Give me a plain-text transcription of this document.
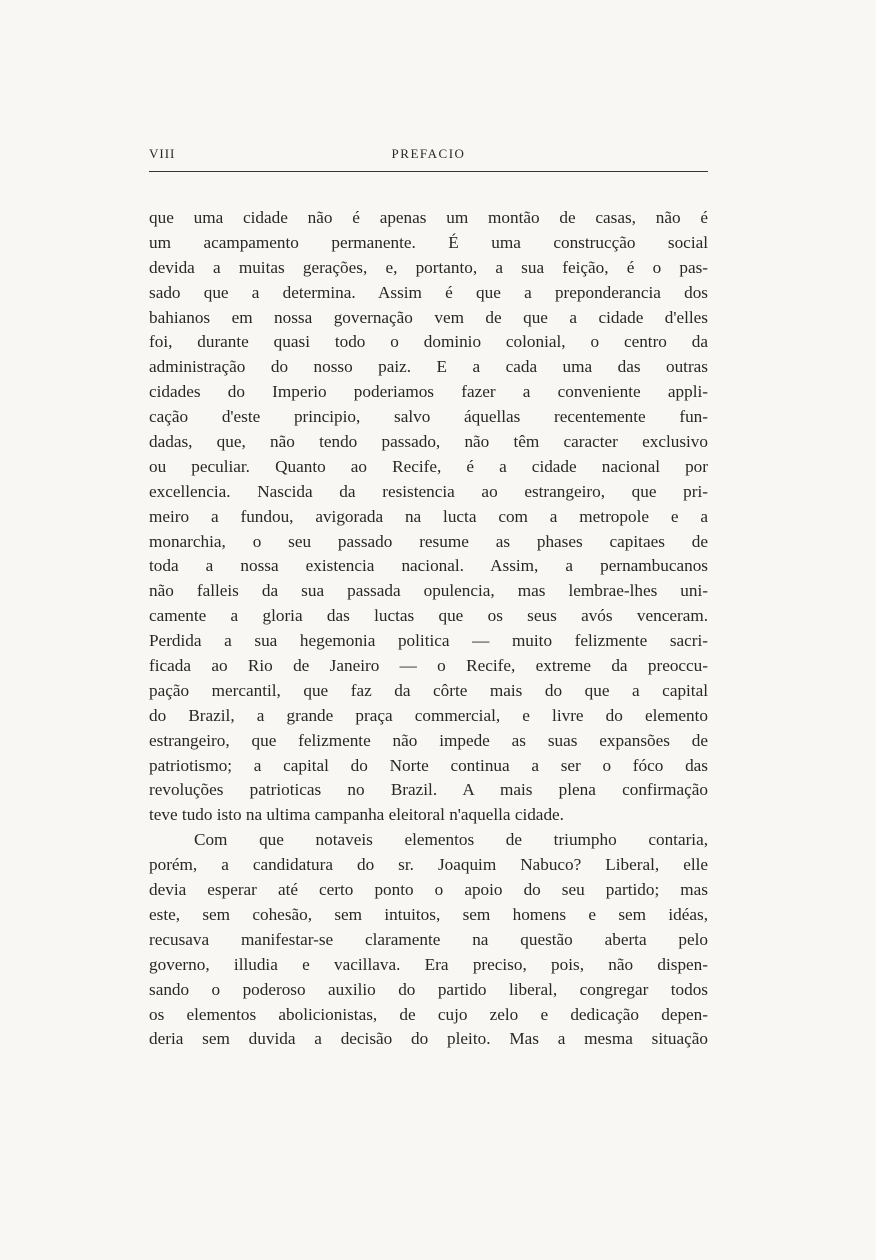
VIII	PREFACIO
que uma cidade não é apenas um montão de casas, não é
um acampamento permanente. É uma construcção social
devida a muitas gerações, e, portanto, a sua feição, é o pas-
sado que a determina. Assim é que a preponderancia dos
bahianos em nossa governação vem de que a cidade d'elles
foi, durante quasi todo o dominio colonial, o centro da
administração do nosso paiz. E a cada uma das outras
cidades do Imperio poderiamos fazer a conveniente appli-
cação d'este principio, salvo áquellas recentemente fun-
dadas, que, não tendo passado, não têm caracter exclusivo
ou peculiar. Quanto ao Recife, é a cidade nacional por
excellencia. Nascida da resistencia ao estrangeiro, que pri-
meiro a fundou, avigorada na lucta com a metropole e a
monarchia, o seu passado resume as phases capitaes de
toda a nossa existencia nacional. Assim, a pernambucanos
não falleis da sua passada opulencia, mas lembrae-lhes uni-
camente a gloria das luctas que os seus avós venceram.
Perdida a sua hegemonia politica — muito felizmente sacri-
ficada ao Rio de Janeiro — o Recife, extreme da preoccu-
pação mercantil, que faz da côrte mais do que a capital
do Brazil, a grande praça commercial, e livre do elemento
estrangeiro, que felizmente não impede as suas expansões de
patriotismo; a capital do Norte continua a ser o fóco das
revoluções patrioticas no Brazil. A mais plena confirmação
teve tudo isto na ultima campanha eleitoral n'aquella cidade.
Com que notaveis elementos de triumpho contaria,
porém, a candidatura do sr. Joaquim Nabuco? Liberal, elle
devia esperar até certo ponto o apoio do seu partido; mas
este, sem cohesão, sem intuitos, sem homens e sem idéas,
recusava manifestar-se claramente na questão aberta pelo
governo, illudia e vacillava. Era preciso, pois, não dispen-
sando o poderoso auxilio do partido liberal, congregar todos
os elementos abolicionistas, de cujo zelo e dedicação depen-
deria sem duvida a decisão do pleito. Mas a mesma situação
